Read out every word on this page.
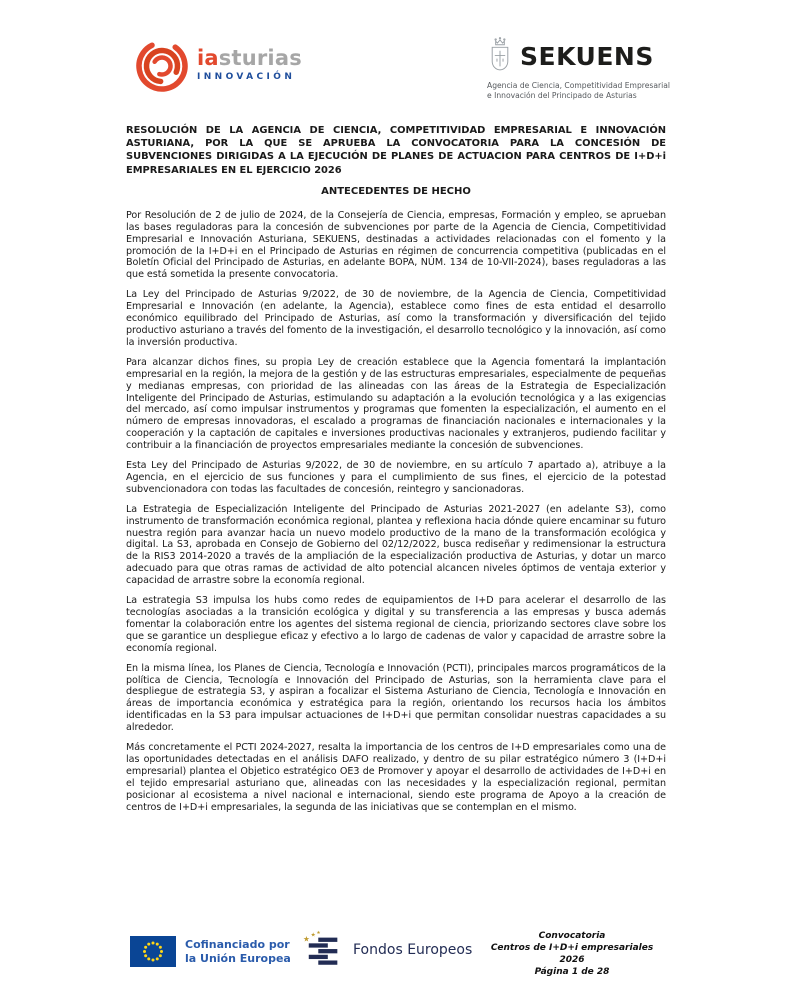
iasturias
INNOVACIÓN
SEKUENS
Agencia de Ciencia, Competitividad Empresarial
e Innovación del Principado de Asturias
RESOLUCIÓN DE LA AGENCIA DE CIENCIA, COMPETITIVIDAD EMPRESARIAL E INNOVACIÓN ASTURIANA, POR LA QUE SE APRUEBA LA CONVOCATORIA PARA LA CONCESIÓN DE SUBVENCIONES DIRIGIDAS A LA EJECUCIÓN DE PLANES DE ACTUACION PARA CENTROS DE I+D+i EMPRESARIALES EN EL EJERCICIO 2026
ANTECEDENTES DE HECHO

Por Resolución de 2 de julio de 2024, de la Consejería de Ciencia, empresas, Formación y empleo, se aprueban las bases reguladoras para la concesión de subvenciones por parte de la Agencia de Ciencia, Competitividad Empresarial e Innovación Asturiana, SEKUENS, destinadas a actividades relacionadas con el fomento y la promoción de la I+D+i en el Principado de Asturias en régimen de concurrencia competitiva (publicadas en el Boletín Oficial del Principado de Asturias, en adelante BOPA, NÚM. 134 de 10-VII-2024), bases reguladoras a las que está sometida la presente convocatoria.

La Ley del Principado de Asturias 9/2022, de 30 de noviembre, de la Agencia de Ciencia, Competitividad Empresarial e Innovación (en adelante, la Agencia), establece como fines de esta entidad el desarrollo económico equilibrado del Principado de Asturias, así como la transformación y diversificación del tejido productivo asturiano a través del fomento de la investigación, el desarrollo tecnológico y la innovación, así como la inversión productiva.

Para alcanzar dichos fines, su propia Ley de creación establece que la Agencia fomentará la implantación empresarial en la región, la mejora de la gestión y de las estructuras empresariales, especialmente de pequeñas y medianas empresas, con prioridad de las alineadas con las áreas de la Estrategia de Especialización Inteligente del Principado de Asturias, estimulando su adaptación a la evolución tecnológica y a las exigencias del mercado, así como impulsar instrumentos y programas que fomenten la especialización, el aumento en el número de empresas innovadoras, el escalado a programas de financiación nacionales e internacionales y la cooperación y la captación de capitales e inversiones productivas nacionales y extranjeros, pudiendo facilitar y contribuir a la financiación de proyectos empresariales mediante la concesión de subvenciones.

Esta Ley del Principado de Asturias 9/2022, de 30 de noviembre, en su artículo 7 apartado a), atribuye a la Agencia, en el ejercicio de sus funciones y para el cumplimiento de sus fines, el ejercicio de la potestad subvencionadora con todas las facultades de concesión, reintegro y sancionadoras.

La Estrategia de Especialización Inteligente del Principado de Asturias 2021-2027 (en adelante S3), como instrumento de transformación económica regional, plantea y reflexiona hacia dónde quiere encaminar su futuro nuestra región para avanzar hacia un nuevo modelo productivo de la mano de la transformación ecológica y digital. La S3, aprobada en Consejo de Gobierno del 02/12/2022, busca rediseñar y redimensionar la estructura de la RIS3 2014-2020 a través de la ampliación de la especialización productiva de Asturias, y dotar un marco adecuado para que otras ramas de actividad de alto potencial alcancen niveles óptimos de ventaja exterior y capacidad de arrastre sobre la economía regional.

La estrategia S3 impulsa los hubs como redes de equipamientos de I+D para acelerar el desarrollo de las tecnologías asociadas a la transición ecológica y digital y su transferencia a las empresas y busca además fomentar la colaboración entre los agentes del sistema regional de ciencia, priorizando sectores clave sobre los que se garantice un despliegue eficaz y efectivo a lo largo de cadenas de valor y capacidad de arrastre sobre la economía regional.

En la misma línea, los Planes de Ciencia, Tecnología e Innovación (PCTI), principales marcos programáticos de la política de Ciencia, Tecnología e Innovación del Principado de Asturias, son la herramienta clave para el despliegue de estrategia S3, y aspiran a focalizar el Sistema Asturiano de Ciencia, Tecnología e Innovación en áreas de importancia económica y estratégica para la región, orientando los recursos hacia los ámbitos identificadas en la S3 para impulsar actuaciones de I+D+i que permitan consolidar nuestras capacidades a su alrededor.

Más concretamente el PCTI 2024-2027, resalta la importancia de los centros de I+D empresariales como una de las oportunidades detectadas en el análisis DAFO realizado, y dentro de su pilar estratégico número 3 (I+D+i empresarial) plantea el Objetico estratégico OE3 de Promover y apoyar el desarrollo de actividades de I+D+i en el tejido empresarial asturiano que, alineadas con las necesidades y la especialización regional, permitan posicionar al ecosistema a nivel nacional e internacional, siendo este programa de Apoyo a la creación de centros de I+D+i empresariales, la segunda de las iniciativas que se contemplan en el mismo.

Cofinanciado por
la Unión Europea
★ ★ ★
Fondos Europeos
Convocatoria
Centros de I+D+i empresariales
2026
Página 1 de 28
